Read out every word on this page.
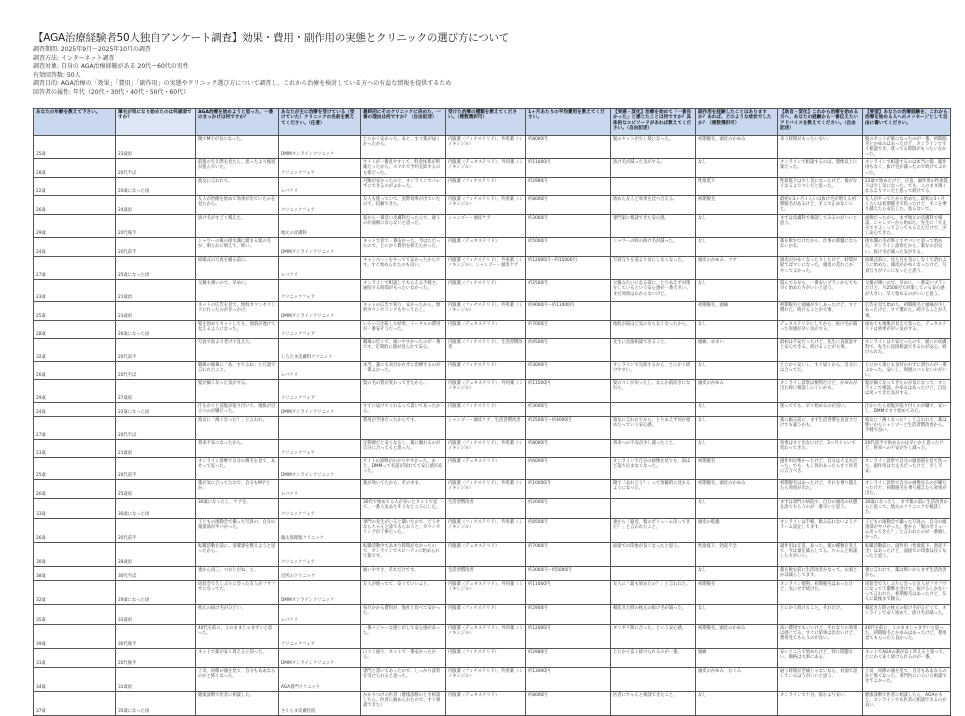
【AGA治療経験者50人独自アンケート調査】効果・費用・副作用の実態とクリニックの選び方について
調査期間: 2025年9月～2025年10月の調査
調査方法: インターネット調査
調査対象: 自身の AGA治療経験がある 20代～60代の男性
有効回答数: 50人
調査目的: AGA治療の「効果」「費用」「副作用」の実態やクリニック選び方について調査し、これから治療を検討している方への有益な情報を提供するため
回答者の属性: 年代（20代・30代・40代・50代・60代）
あなたの年齢を教えて下さい。	薄毛が気になり始めたのは何歳頃ですか？	AGA治療を始めようと思った、一番のきっかけは何ですか？	あなたが主に治療を受けている（受けていた）クリニックの名前を教えてください。（任意）	最終的にそのクリニックに決めた、一番の理由は何ですか？（自由記述）	受けた治療の種類を教えてください。（複数選択可）	1ヶ月あたりの平均費用を教えてください。	【実感・変化】治療を始めて「一番良かった」と感じたことは何ですか？具体的なエピソードがあれば教えてください。（自由記述）	副作用を経験したことはありますか？あれば、どのような症状でしたか？（複数選択可）	【助言・変化】これから治療を始める方へ、あなたの経験から一番伝えたいアドバイスを教えてください。（自由記述）	【要望】あなたの治療経験を、これから治療を始める人へのメッセージとして自由に書いてください。
25歳	23歳頃	鏡でM字が気になった。	DMMオンラインクリニック	とにかく安かった。あと、すぐ薬が届くかったから。	内服薬（フィナステリド）、外用薬（ミノキシジル）	約8000円	髪のセットが少し楽になった。	初期脱毛、頭皮のかゆみ	来う時間がもったいない。	髪のセットが楽になったのが一番。初期脱毛とかゆみはあったけど、オンラインですぐ相談でき、迷ってる時間がもったいなかった。
28歳	20代半ば	前髪の生え際を見たら、思ったより後退が進んでいた。	クリニックフォア	サイトが一番見やすくて、料金体系が明確だったから。スマホで予約完結するのも楽だった。	内服薬（デュタステリド）、外用薬（ミノキシジル）	約11000円	抜け毛が減った気がする。	なし	オンラインで相談するのは、想像以上に楽だった。	オンラインで相談するのは本当に楽。副作用もなく、抜け毛が減ったので続けてよかった。
22歳	20歳になった頃	彼女に言われて。	レバクリ	月額が安かったのと、オンラインでバレずにできるのがよかった。	内服薬（フィナステリド）	約2980円		性欲低下	性欲低下は少し気になったけど、髪がなくなるよりマシだと思った。	22歳で始めたけど、正直、副作用の性欲低下は少し気になった。でも、このまま薄くなるよりマシだと思って続けてる。
26歳	24歳頃	友人が治療を始めて効果が出ていたのを見たから。	クリニックフォア	友人も使っていて、実際効果が出ていたので、信頼できた。	内服薬（フィナステリド）、外用薬（ミノキシジル）	約8000円	始めた友人と効果を比べ合える。	初期脱毛	最初の1ヶ月くらいは抜け毛が増える初期脱毛があるけど、そこで止めないこと。	友人がやってたから始めた。最初の1ヶ月くらいは初期脱毛で焦ったけど、そこを乗り越えたら安定した。焦らないで。
29歳	20代後半	抜け毛がすごく増えた。	地元の皮膚科	家から一番近い皮膚科だったんで、通うのが面倒にならないと思った。	シャンプー・頭皮ケア	約3000円	専門家に相談できた安心感。	なし	まずは皮膚科で相談してみるのがいいと思う。	面倒だったから、まず地元の皮膚科で相談。シャンプーから始めた。先生に「大丈夫ですよ」って言ってもらえただけで、少し安心できた。
24歳	20代前半	シャワーの後の排水溝に溜まる髪の毛が、明らかに増えて、怖い。	DMMオンラインクリニック	ネットで見て一番安かった。今はただったので、とにかく費用を抑えたかった。	内服薬（デュタステリド）	約5000円	シャワーの時の抜け毛が減った。	なし	薬を飲むだけだから、仕事の邪魔にならないかな。	排水溝の毛が怖くてヤバいと思って始めた。オンライン診察だから、楽なのが良い。抜け毛が減った気がする。
27歳	25歳になった頃	結婚式の写真を撮る前に。	レバクリ	キャンペーンをやってて安かったからです。すぐ始められたのも良い。	内服薬（フィナステリド）、外用薬（ミノキシジル）、シャンプー・頭皮ケア	約12000円～約15000円	写真写りを前より気にしなくなった。	頭皮のかゆみ、ツヤ	頭皮がかゆくなったりしたけど、時間が経てばマシになった。頭皮の荒れとか、やってよかった。	結婚式前に、見た目を気にしなくて済むように始めた。頭皮がかゆくなったけど、写真写りがマシになったと思う。
23歳	21歳頃	父親も薄いので、早めに。	クリニックフォア	オンラインで相談してもらえる手軽さ。通院する時間がもったいなかった。	内服薬（フィナステリド）	約2500円	父親みたいになる前に、とりあえず対策をしているという安心感が一番大きい。まだ効果はわからないけど。	なし	悩んでるなら、一番安いプランからでも早く始めた方がいいと思う。	父親が薄いので、早めに。一番安いプランだけど、月2500円で対策している安心感が大きい。早く始めるのがいいと思う。
25歳	23歳頃	ネットの広告を見て、無料カウンセリングに行ったのがきっかけ。	DMMオンラインクリニック	ネットの広告で知り、安かったから。無料カウンセリングもやってたし。	内服薬（フィナステリド）、外用薬（ミノキシジル）	約9000円～約11000円		初期脱毛、頭痛	初期脱毛と頭痛が少しあったけど、すぐ慣れた。続けることが大事。	広告を見て始めた。初期脱毛と頭痛が少しあったけど、すぐ慣れた。続けることが大事。
28歳	26歳になった頃	髪を固めてセットしても、地肌が透けて見えるようになった。	クリニックフォア	いろいろ比較した結果、トータルの費用が一番安そうだった。	内服薬（デュタステリド）	約7000円	地肌が前ほど気にならなくなったから。	なし	デュタステリドにしてから、抜け毛が減った実感が早い気がする。	固めても地肌が見えて焦った。デュタステリドは効果が早い気がする。
32歳	20代前半	写真で前より老けて見えた。	しろたま皮膚科クリニック	職場の近くで、通いやすかったのが一番です。定期的に顔が見られて安心。	内服薬（フィナステリド）、生活習慣改善	約4500円	先生に直接相談できること。	頭痛、めまい	最初は不安だったけど、先生に直接話すと安心できる。続けることが大事。	オンラインは不安だったので、通いの皮膚科で。先生に直接相談できるのが安心。続けられた。
26歳	20代半ば	職場の後輩に「あ、すてるね」と冗談で言われたこと。	レバクリ	本当、誰にも気付かれずに治療するのが一番よかった。	内服薬（フィナステリド）	約3000円	オンラインで完結するから、とにかく続けやすい。	なし	とにかく安いし、すぐ届くから、自分には合ってた。	とにかく誰にも気付かれずに済むのが一番よかった。安いし、周囲にバレないのがいい。
29歳	27歳頃	髪が細くなった気がする。	クリニックフォア	髪の毛の質が変わってきたから。	内服薬（デュタステリド）、外用薬（ミノキシジル）	約11500円	髪のコシが戻ったし、なんか前向きになれた。	頭皮のかゆみ	オンライン診察は便利だけど、かゆみが出た時に相談しにくいかも。	髪が細くなってきたのが気になって、オンラインで相談。かゆみはあったけど、自信は戻ってきた気がする。
24歳	22歳になった頃	汗をかくと前髪が張り付いて、地肌が目立つのが嫌だった。	DMMオンラインクリニック	すぐに届けてくれるって書いてあったから。	内服薬（フィナステリド）	約3000円		なし	迷ってても、早く始めるのが良い。	汗かいたら前髪が張り付くのが嫌で、安いし、DMMですぐ始めてみた。
27歳	20代半ば	彼女に「薄くなった？」と言われ。		費用が手頃だったからです。	シャンプー・頭皮ケア、生活習慣改善	約2500円～約4000円	彼女に言われてから、とりあえず何か始めたっていう安心感。	なし	薬に頼る前に、まず生活習慣を見直すだけでも違うかも。	彼女に「薄くなった？」と言われて、薬は怖いからシャンプーと生活習慣改善から。手軽で良い。
23歳	21歳頃	将来不安になったから。	クリニックフォア	定期便だと安くなるし、薬に頼れるのが自分に合ってると思った。	内服薬（フィナステリド）、外用薬（ミノキシジル）	約8000円	将来への不安が少し減ったこと。	なし	効果はすぐ出ないけど、3ヶ月ぐらいで変わってきた。	20代前半で始めるのは早いかと思ったけど、将来への不安が少し減った。
25歳	20代前半	オンライン診療で自分の薄毛を見て、あせって思った。	DMMオンラインクリニック	サイトの説明がわかりやすかった。あと、DMMって名前が知れてて安心感があった。	内服薬（デュタステリド）	約6000円	オンラインで自分の画像を見ても、前ほど落ち込まなくなった。	初期脱毛	副作用が怖かったけど、自分は大丈夫だった。でも、もし何かあったらすぐ医者に言うべき。	オンライン診察で自分の頭頂部を見て焦った。副作用は大丈夫だったけど、少し不安。
26歳	25歳頃	薬が気に合ってたので、自分もM字とか。	レバクリ	薬が効いてたから、そのまま。	内服薬（フィナステリド）、外用薬（ミノキシジル）	約10000円	鏡で「あれどう？」って客観的に見れるようになった。	初期脱毛、頭皮のかゆみ	初期脱毛はあったけど、それを乗り越えたら効果が出た。	オンライン診察で自分の画像見るのが嫌だったけど、初期脱毛を乗り越えたら効果が出た。
33歳	30歳になった頃	30歳になったし、ケアを。	クリニックフォア	30代で始めてる人が多いとネットで見て、一番人気ありそうなところにした。	生活習慣改善	約2000円		なし	まずは専門の病院で、自分の頭皮の状態を診てもらうのが一番早いと思う。	30歳になったし、まず薬の前に生活改善からと思って。地元のクリニックで相談した。
26歳	20代前半	子どもの運動会で撮った写真の、自分の頭頂部がヤバかった。	銀太郎理髪クリニック	専門の先生がいると聞いたので、どうせならちゃんと診てもらおうと、カウンセリングが丁寧だった。	内服薬（フィナステリド）、外用薬（ミノキシジル）	約8500円	妻から「最近、髪のボリューム戻ってきた？」と言われたこと。	頭皮の乾燥	オンラインは手軽。飲み忘れないようアラーム設定してます。	子どもの運動会で撮った写真の、自分の頭頂部がヤバかった。妻から「髪のボリューム戻ってきた？」と言われたのが一番嬉しかった。
30歳	28歳頃	転職活動を前に、清潔感を整えようと思ったから。	クリニックフォア	転職活動中であまり時間がなかったので、オンラインでスピーディに始められて楽です。	内服薬（デュタステリド）	約7000円	面接での印象が良くなったと思う。	性欲低下、勃起不全	副作用は正直、あった。薬の種類を変えて、今は量を減らしてる。ちゃんと相談した方がいい。	転職活動前に。副作用（性欲低下、勃起不全）はあったけど、面接での印象は良くなったと思う。
38歳	30代半ば	妻から再三、つむじがね、と。	近所のクリニック	通いやすさ、それだけです。	生活習慣改善	約3000円～約5000円		なし	薬を飲む前に生活改善かなって。お酒とかは減らしてます。	妻に言われて、薬は怖いからまず生活改善から。
32歳	29歳になった頃	同窓会で久しぶりに会った友人がフサフサになってた。	DMMオンラインクリニック	友人が使ってて、安くていいよと。	内服薬（デュタステリド）、外用薬（ミノキシジル）	約11000円	友人に「最も始めたの？」と言われた。	初期脱毛	オンライン便利。初期脱毛はあったけど、気にせず続けた。	同窓会で久しぶりに会った友人がフサフサになってて衝撃を受けた。抜けるしかないって言われた。初期脱毛はあったけど、友人に最後まで頼る。
35歳	33歳頃	枕元の抜け毛がひどい。	レバクリ	毎月かかる費用が、他社と比べて安かった。	内服薬（フィナステリド）	約2900円	朝起きた時の枕元の抜け毛が減った。	なし	とにかく続けること。それだけ。	朝起きた時の枕元の抜け毛がひどくて、オンラインで安く始めて、抜け毛が減った。
39歳	30代後半	40代を前に、このままじゃまずいと思った。	クリニックフォア	一番メジャーな感じがして安心感があった。	内服薬（デュタステリド）、外用薬（ミノキシジル）	約12000円	ギリギリ間に合った、という安心感。	初期脱毛、頭皮のかゆみ	高い費用でもいいけど、それなりの効果は感じてる。すぐに結果は出ないけど、費用見てもらうのが良い。	40代を前に、このままじゃまずいと思った。初期脱毛とかゆみはあったけど、費用見てもらったら良かった。
31歳	20代後半	ネットで薬が安く買えると知った。	DMMオンラインクリニック	口コミ通り、ネットで一番安かったから。	内服薬（フィナステリド）	約2980円	とにかく安く続けられるのが一番。	頭痛	安いところで始めたけど、特に問題ない。価格は大事にある。	ネットでAGAの薬が安く買えると知って、とにかく安く続けられるのが一番。
34歳	31歳頃	上司、同僚の頭を見て、自分もああなるのかと怖くなった。	AGA専門クリニック	専門と書いてあったので、しっかり診察を受けられると思った。	内服薬（フィナステリド）、外用薬（ミノキシジル）	約13000円		頭皮のかゆみ、むくみ	通う時間が苦痛じゃないなら、対面で話しているほうがいいと思う。	上司、同僚の頭を見て、自分もああなるのかと怖くなった。専門医にいろいろ相談できてよかった。
37歳	35歳になった頃	健康診断で医者に相談した。	さくらま皮膚医院	かかりつけの医者（健康診断のとき相談したら、医者に勧められたので、すぐ相談できた）	内服薬（デュタステリド）	約8000円	医者にちゃんと相談できたこと。	なし	オンラインで十分。悩むより安い。	健康診断で医者に相談したら、AGAかもと。オンラインでも医者に相談できるのが良い。
